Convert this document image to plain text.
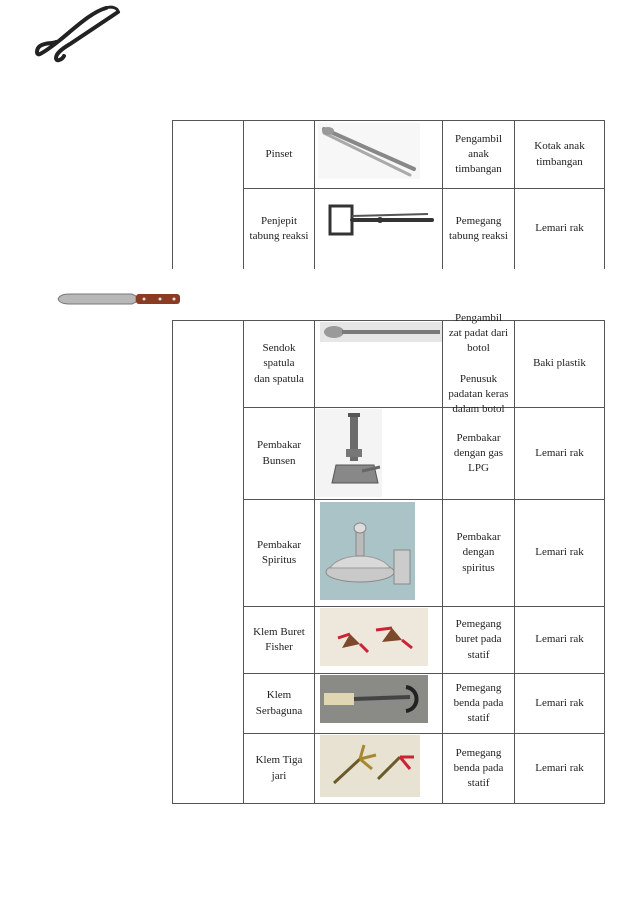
Pinset
Pengambil
anak
timbangan
Kotak anak
timbangan
Penjepit
tabung reaksi
Pemegang
tabung reaksi
Lemari rak
Sendok
spatula
dan spatula
Pengambil
zat padat dari
botol

Penusuk
padatan keras
dalam botol
Baki plastik
Pembakar
Bunsen
Pembakar
dengan gas
LPG
Lemari rak
Pembakar
Spiritus
Pembakar
dengan
spiritus
Lemari rak
Klem Buret
Fisher
Pemegang
buret pada
statif
Lemari rak
Klem
Serbaguna
Pemegang
benda pada
statif
Lemari rak
Klem Tiga
jari
Pemegang
benda pada
statif
Lemari rak
